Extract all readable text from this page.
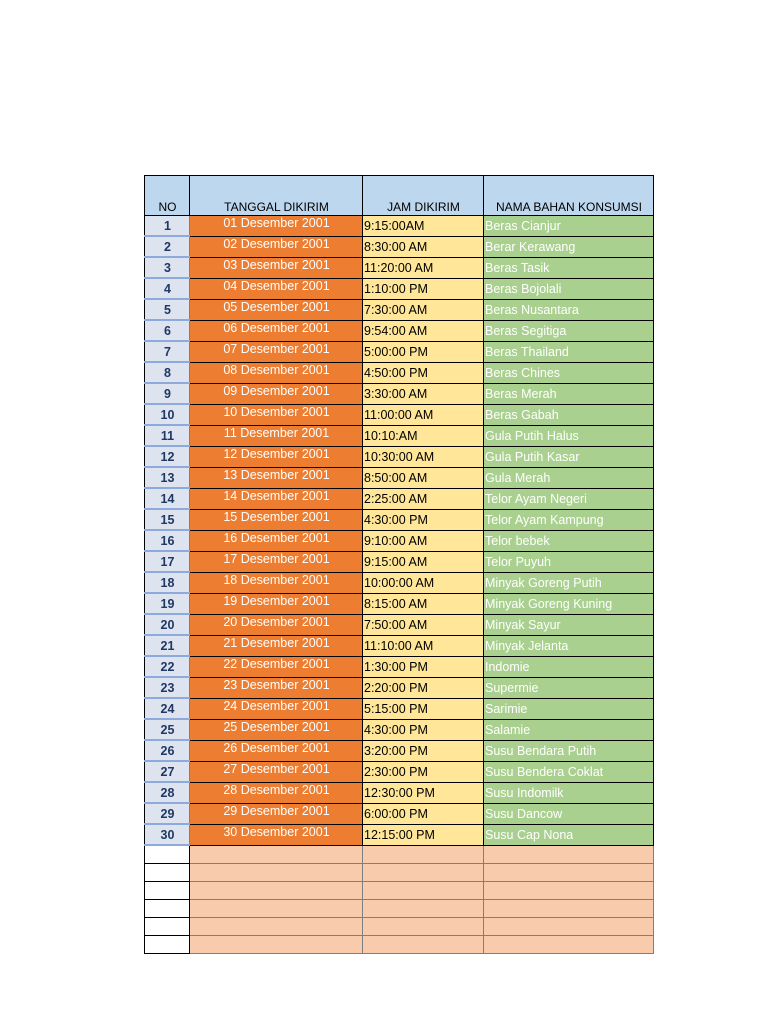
NO	TANGGAL DIKIRIM	JAM DIKIRIM	NAMA BAHAN KONSUMSI
1	01 Desember 2001	9:15:00AM	Beras Cianjur
2	02 Desember 2001	8:30:00 AM	Berar Kerawang
3	03 Desember 2001	11:20:00 AM	Beras Tasik
4	04 Desember 2001	1:10:00 PM	Beras Bojolali
5	05 Desember 2001	7:30:00 AM	Beras Nusantara
6	06 Desember 2001	9:54:00 AM	Beras Segitiga
7	07 Desember 2001	5:00:00 PM	Beras Thailand
8	08 Desember 2001	4:50:00 PM	Beras Chines
9	09 Desember 2001	3:30:00 AM	Beras Merah
10	10 Desember 2001	11:00:00 AM	Beras Gabah
11	11 Desember 2001	10:10:AM	Gula Putih Halus
12	12 Desember 2001	10:30:00 AM	Gula Putih Kasar
13	13 Desember 2001	8:50:00 AM	Gula Merah
14	14 Desember 2001	2:25:00 AM	Telor Ayam Negeri
15	15 Desember 2001	4:30:00 PM	Telor Ayam Kampung
16	16 Desember 2001	9:10:00 AM	Telor bebek
17	17 Desember 2001	9:15:00 AM	Telor Puyuh
18	18 Desember 2001	10:00:00 AM	Minyak Goreng Putih
19	19 Desember 2001	8:15:00 AM	Minyak Goreng Kuning
20	20 Desember 2001	7:50:00 AM	Minyak Sayur
21	21 Desember 2001	11:10:00 AM	Minyak Jelanta
22	22 Desember 2001	1:30:00 PM	Indomie
23	23 Desember 2001	2:20:00 PM	Supermie
24	24 Desember 2001	5:15:00 PM	Sarimie
25	25 Desember 2001	4:30:00 PM	Salamie
26	26 Desember 2001	3:20:00 PM	Susu Bendara Putih
27	27 Desember 2001	2:30:00 PM	Susu Bendera Coklat
28	28 Desember 2001	12:30:00 PM	Susu Indomilk
29	29 Desember 2001	6:00:00 PM	Susu Dancow
30	30 Desember 2001	12:15:00 PM	Susu Cap Nona
